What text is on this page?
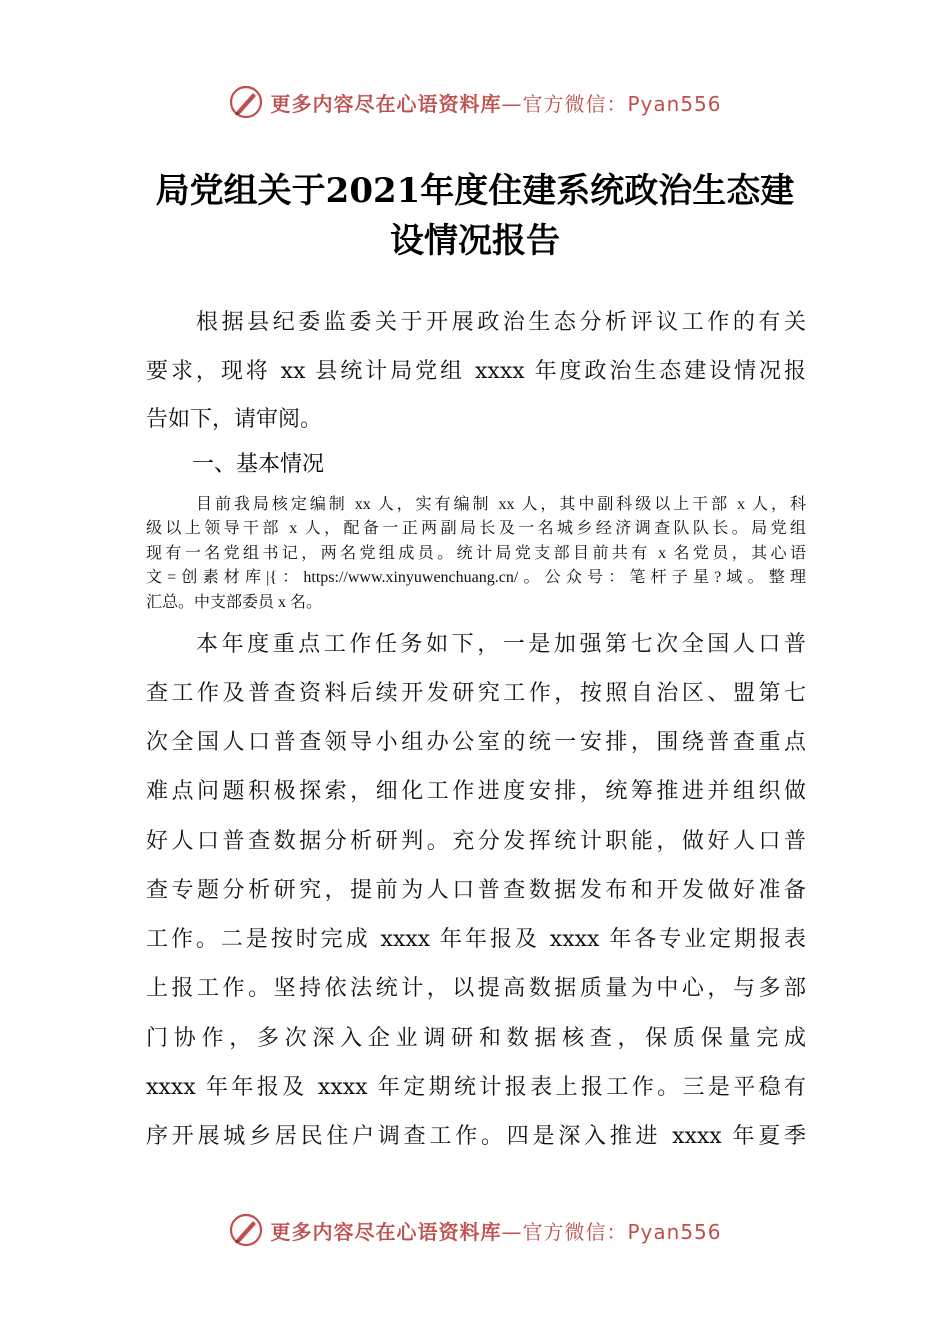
更多内容尽在心语资料库—官方微信：Pyan556
局党组关于2021年度住建系统政治生态建
设情况报告
根据县纪委监委关于开展政治生态分析评议工作的有关
要求，现将 xx 县统计局党组 xxxx 年度政治生态建设情况报
告如下，请审阅。
一、基本情况
目前我局核定编制 xx 人，实有编制 xx 人，其中副科级以上干部 x 人，科
级以上领导干部 x 人，配备一正两副局长及一名城乡经济调查队队长。局党组
现有一名党组书记，两名党组成员。统计局党支部目前共有 x 名党员，其心语
文=创素材库|{：https://www.xinyuwenchuang.cn/。公众号：笔杆子星?域。整理
汇总。中支部委员 x 名。
本年度重点工作任务如下，一是加强第七次全国人口普
查工作及普查资料后续开发研究工作，按照自治区、盟第七
次全国人口普查领导小组办公室的统一安排，围绕普查重点
难点问题积极探索，细化工作进度安排，统筹推进并组织做
好人口普查数据分析研判。充分发挥统计职能，做好人口普
查专题分析研究，提前为人口普查数据发布和开发做好准备
工作。二是按时完成 xxxx 年年报及 xxxx 年各专业定期报表
上报工作。坚持依法统计，以提高数据质量为中心，与多部
门协作，多次深入企业调研和数据核查，保质保量完成
xxxx 年年报及 xxxx 年定期统计报表上报工作。三是平稳有
序开展城乡居民住户调查工作。四是深入推进 xxxx 年夏季
更多内容尽在心语资料库—官方微信：Pyan556
